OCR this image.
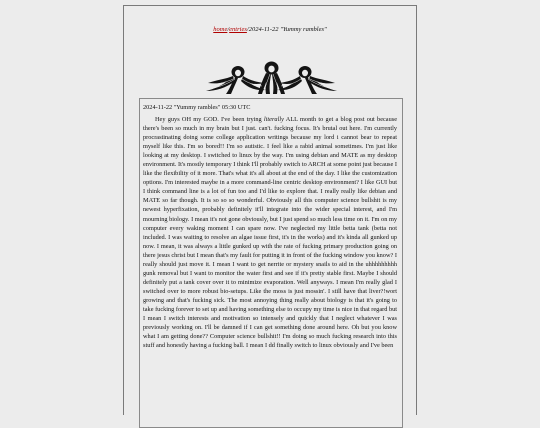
home/entries/2024-11-22 "Yummy rambles"
2024-11-22 "Yummy rambles" 05:30 UTC

Hey guys OH my GOD. I've been trying literally ALL month to get a blog post out because there's been so much in my brain but I just. can't. fucking focus. It's brutal out here. I'm currently procrastinating doing some college application writings because my lord i cannot bear to repeat myself like this. I'm so bored!! I'm so autistic. I feel like a rabid animal sometimes. I'm just like looking at my desktop. I switched to linux by the way. I'm using debian and MATE as my desktop environment. It's mostly temporary I think I'll probably switch to ARCH at some point just because I like the flexibility of it more. That's what it's all about at the end of the day. I like the customization options. I'm interested maybe in a more command-line centric desktop environment? I like GUI but I think command line is a lot of fun too and I'd like to explore that. I really really like debian and MATE so far though. It is so so so wonderful. Obviously all this computer science bullshit is my newest hyperfixation, probably definitely it'll integrate into the wider special interest, and I'm mourning biology. I mean it's not gone obviously, but I just spend so much less time on it. I'm on my computer every waking moment I can spare now. I've neglected my little betta tank (betta not included. I was waiting to resolve an algae issue first, it's in the works) and it's kinda all gunked up now. I mean, it was always a little gunked up with the rate of fucking primary production going on there jesus christ but I mean that's my fault for putting it in front of the fucking window you know? I really should just move it. I mean I want to get nerrite or mystery snails to aid in the uhhhhhhhhh gunk removal but I want to monitor the water first and see if it's pretty stable first. Maybe I should definitely put a tank cover over it to minimize evaporation. Well anyways. I mean I'm really glad I switched over to more robust bio-setups. Like the moss is just mossin'. I still have that liver?!wort growing and that's fucking sick. The most annoying thing really about biology is that it's going to take fucking forever to set up and having something else to occupy my time is nice in that regard but I mean I switch interests and motivation so intensely and quickly that I neglect whatever I was previously working on. I'll be damned if I can get something done around here. Oh but you know what I am getting done?? Computer science bullshit!! I'm doing so much fucking research into this stuff and honestly having a fucking ball. I mean I dd finally switch to linux obviously and I've been
